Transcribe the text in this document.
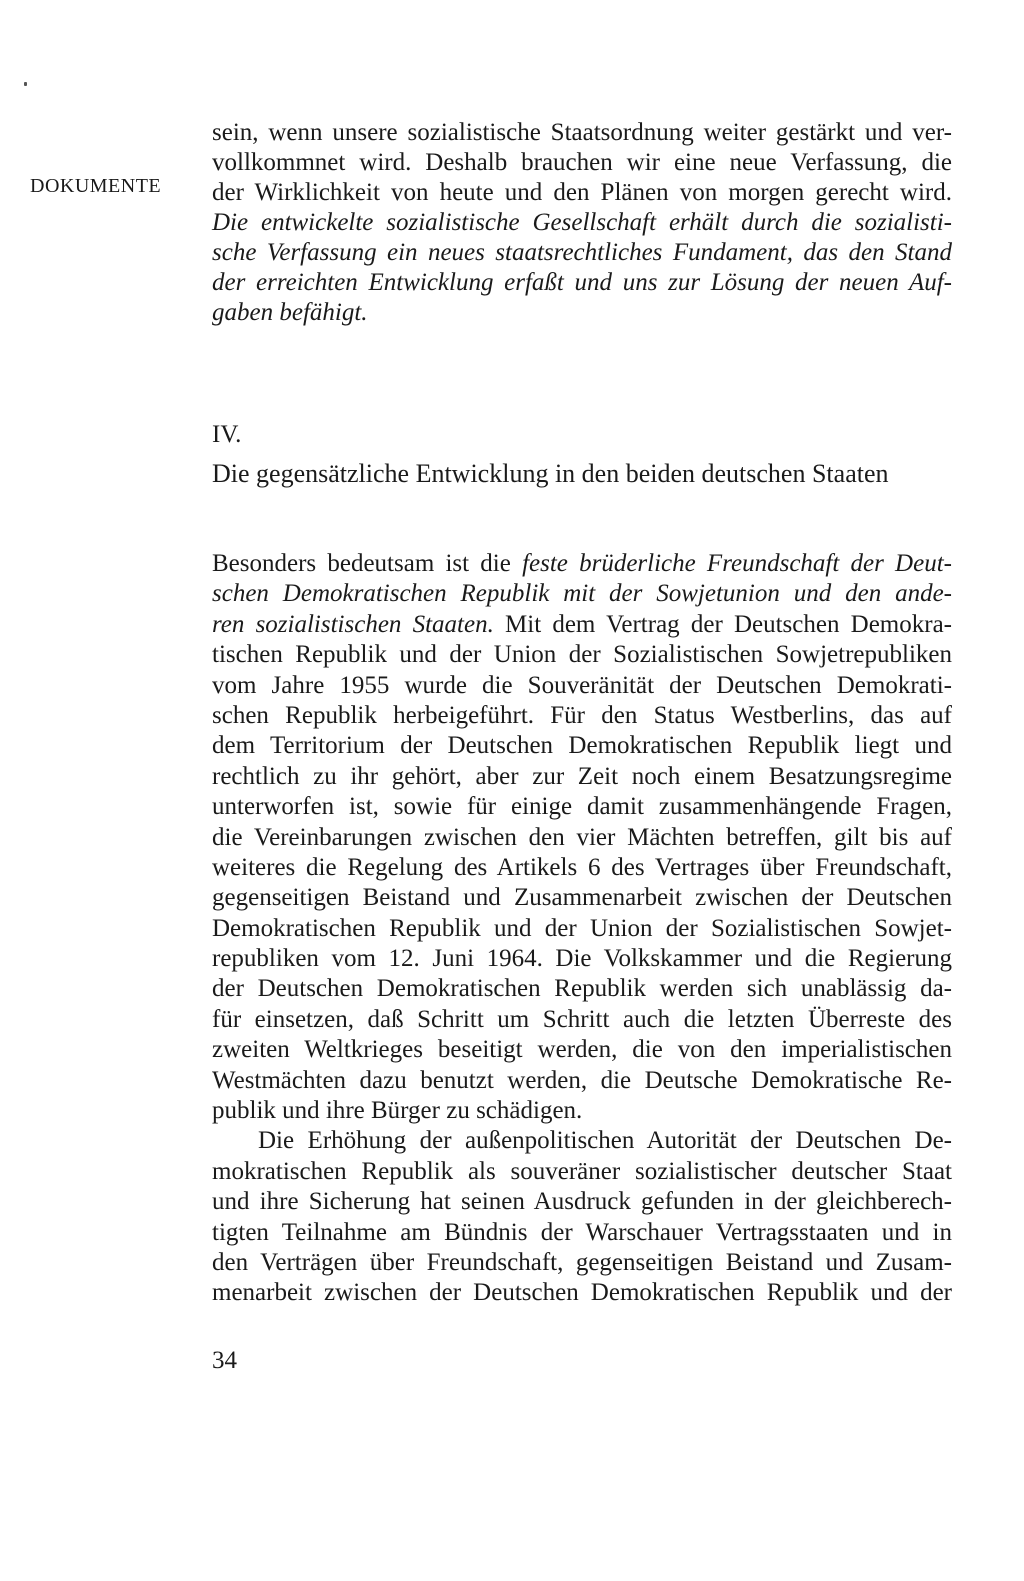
DOKUMENTE
sein, wenn unsere sozialistische Staatsordnung weiter gestärkt und ver-
vollkommnet wird. Deshalb brauchen wir eine neue Verfassung, die
der Wirklichkeit von heute und den Plänen von morgen gerecht wird.
Die entwickelte sozialistische Gesellschaft erhält durch die sozialisti-
sche Verfassung ein neues staatsrechtliches Fundament, das den Stand
der erreichten Entwicklung erfaßt und uns zur Lösung der neuen Auf-
gaben befähigt.
IV.
Die gegensätzliche Entwicklung in den beiden deutschen Staaten
Besonders bedeutsam ist die feste brüderliche Freundschaft der Deut-
schen Demokratischen Republik mit der Sowjetunion und den ande-
ren sozialistischen Staaten. Mit dem Vertrag der Deutschen Demokra-
tischen Republik und der Union der Sozialistischen Sowjetrepubliken
vom Jahre 1955 wurde die Souveränität der Deutschen Demokrati-
schen Republik herbeigeführt. Für den Status Westberlins, das auf
dem Territorium der Deutschen Demokratischen Republik liegt und
rechtlich zu ihr gehört, aber zur Zeit noch einem Besatzungsregime
unterworfen ist, sowie für einige damit zusammenhängende Fragen,
die Vereinbarungen zwischen den vier Mächten betreffen, gilt bis auf
weiteres die Regelung des Artikels 6 des Vertrages über Freundschaft,
gegenseitigen Beistand und Zusammenarbeit zwischen der Deutschen
Demokratischen Republik und der Union der Sozialistischen Sowjet-
republiken vom 12. Juni 1964. Die Volkskammer und die Regierung
der Deutschen Demokratischen Republik werden sich unablässig da-
für einsetzen, daß Schritt um Schritt auch die letzten Überreste des
zweiten Weltkrieges beseitigt werden, die von den imperialistischen
Westmächten dazu benutzt werden, die Deutsche Demokratische Re-
publik und ihre Bürger zu schädigen.
Die Erhöhung der außenpolitischen Autorität der Deutschen De-
mokratischen Republik als souveräner sozialistischer deutscher Staat
und ihre Sicherung hat seinen Ausdruck gefunden in der gleichberech-
tigten Teilnahme am Bündnis der Warschauer Vertragsstaaten und in
den Verträgen über Freundschaft, gegenseitigen Beistand und Zusam-
menarbeit zwischen der Deutschen Demokratischen Republik und der
34
